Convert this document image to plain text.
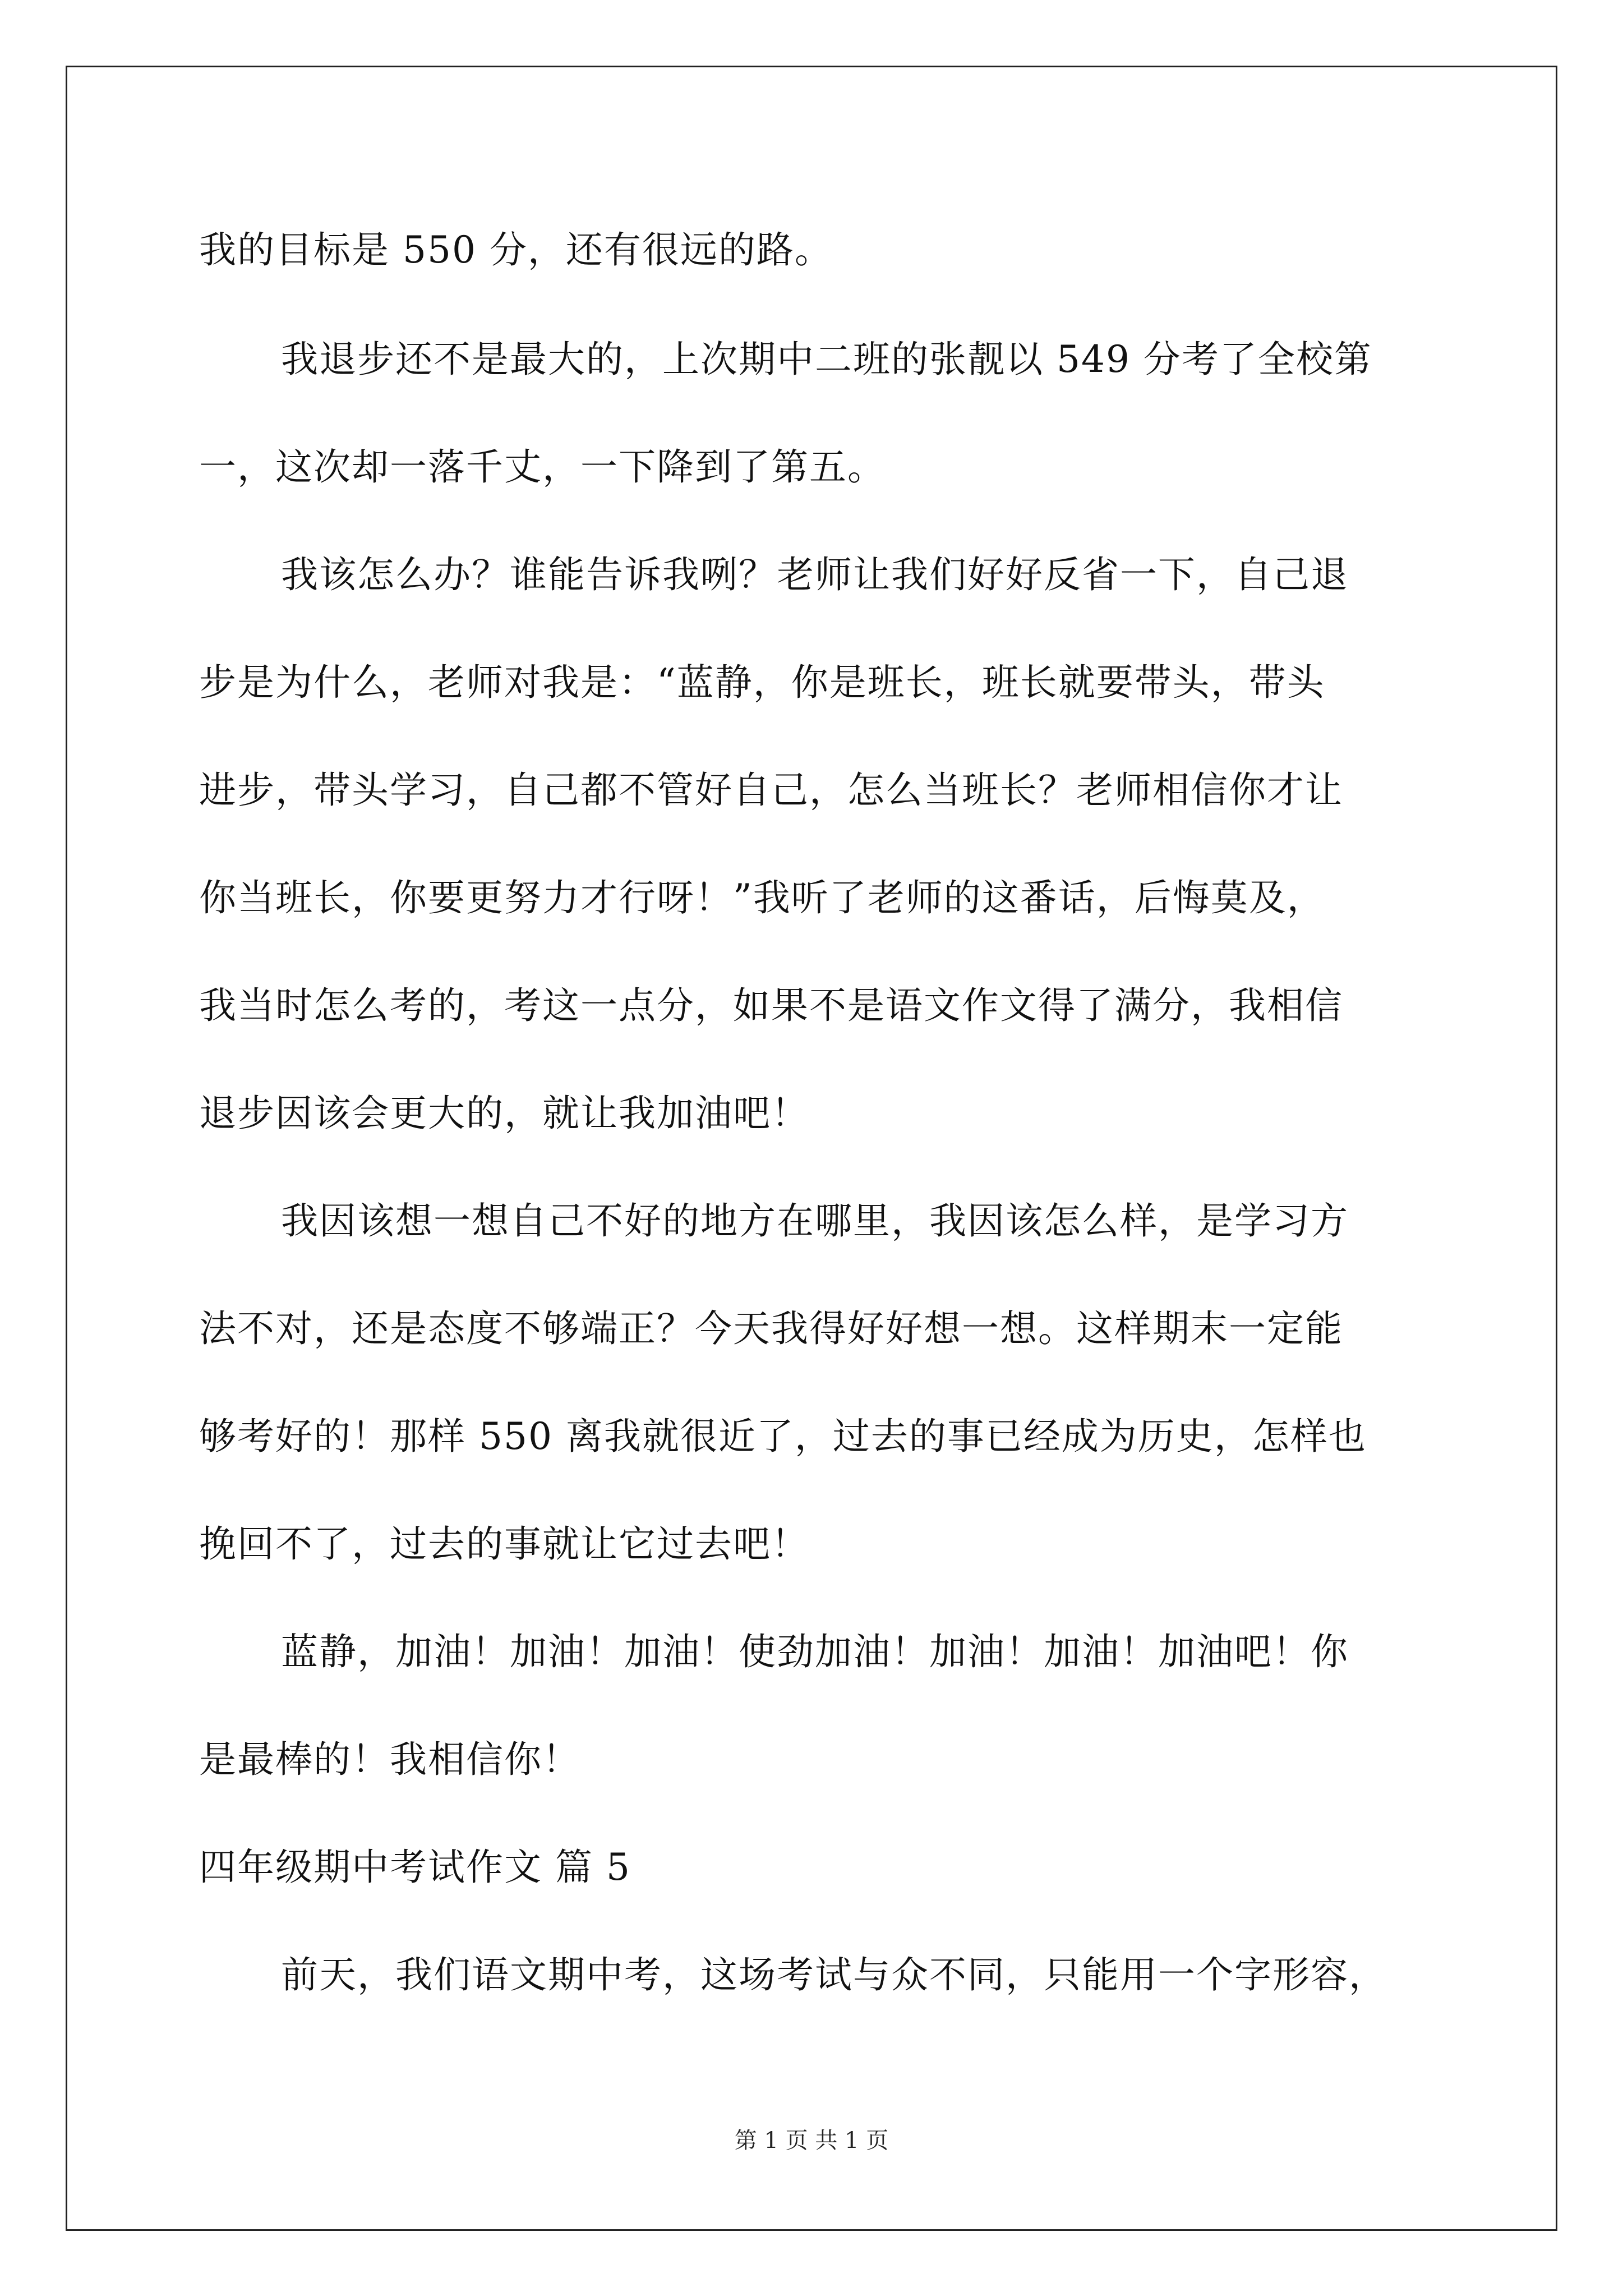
我的目标是 550 分，还有很远的路。
我退步还不是最大的，上次期中二班的张靓以 549 分考了全校第
一，这次却一落千丈，一下降到了第五。
我该怎么办？谁能告诉我咧？老师让我们好好反省一下，自己退
步是为什么，老师对我是：“蓝静，你是班长，班长就要带头，带头
进步，带头学习，自己都不管好自己，怎么当班长？老师相信你才让
你当班长，你要更努力才行呀！”我听了老师的这番话，后悔莫及，
我当时怎么考的，考这一点分，如果不是语文作文得了满分，我相信
退步因该会更大的，就让我加油吧！
我因该想一想自己不好的地方在哪里，我因该怎么样，是学习方
法不对，还是态度不够端正？今天我得好好想一想。这样期末一定能
够考好的！那样 550 离我就很近了，过去的事已经成为历史，怎样也
挽回不了，过去的事就让它过去吧！
蓝静，加油！加油！加油！使劲加油！加油！加油！加油吧！你
是最棒的！我相信你！
四年级期中考试作文 篇 5
前天，我们语文期中考，这场考试与众不同，只能用一个字形容，
第 1 页 共 1 页
